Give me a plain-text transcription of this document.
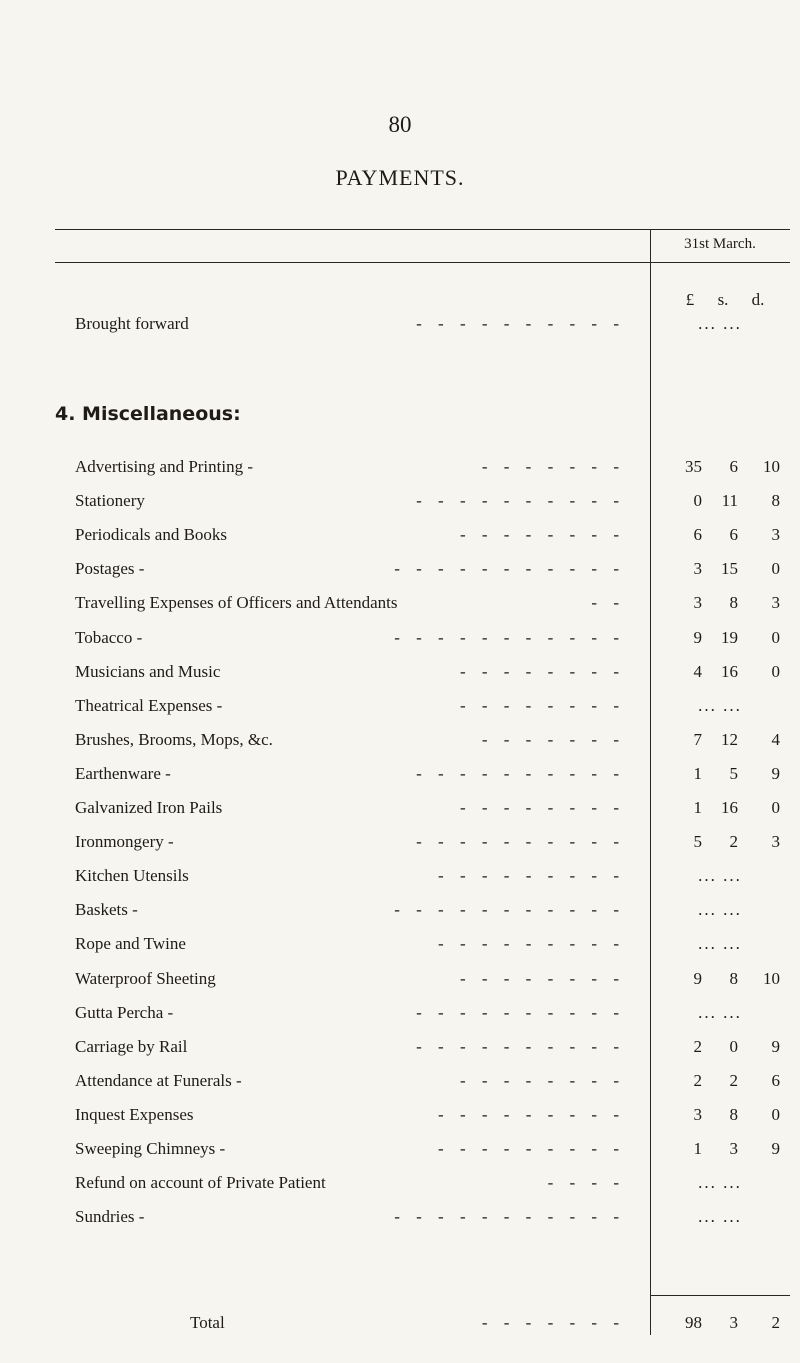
80
PAYMENTS.
31st March.
£	s.	d.
Brought forward	- - - - - - - - - -	... ...
4. Miscellaneous:
Advertising and Printing -	- - - - - - -	35 6 10
Stationery	- - - - - - - - - -	0 11 8
Periodicals and Books	- - - - - - - -	6 6 3
Postages -	- - - - - - - - - - -	3 15 0
Travelling Expenses of Officers and Attendants	- -	3 8 3
Tobacco -	- - - - - - - - - - -	9 19 0
Musicians and Music	- - - - - - - -	4 16 0
Theatrical Expenses -	- - - - - - - -	... ...
Brushes, Brooms, Mops, &c.	- - - - - - -	7 12 4
Earthenware -	- - - - - - - - - -	1 5 9
Galvanized Iron Pails	- - - - - - - -	1 16 0
Ironmongery -	- - - - - - - - - -	5 2 3
Kitchen Utensils	- - - - - - - - -	... ...
Baskets -	- - - - - - - - - - -	... ...
Rope and Twine	- - - - - - - - -	... ...
Waterproof Sheeting	- - - - - - - -	9 8 10
Gutta Percha -	- - - - - - - - - -	... ...
Carriage by Rail	- - - - - - - - - -	2 0 9
Attendance at Funerals -	- - - - - - - -	2 2 6
Inquest Expenses	- - - - - - - - -	3 8 0
Sweeping Chimneys -	- - - - - - - - -	1 3 9
Refund on account of Private Patient	- - - -	... ...
Sundries -	- - - - - - - - - - -	... ...
Total	- - - - - - -	98 3 2
